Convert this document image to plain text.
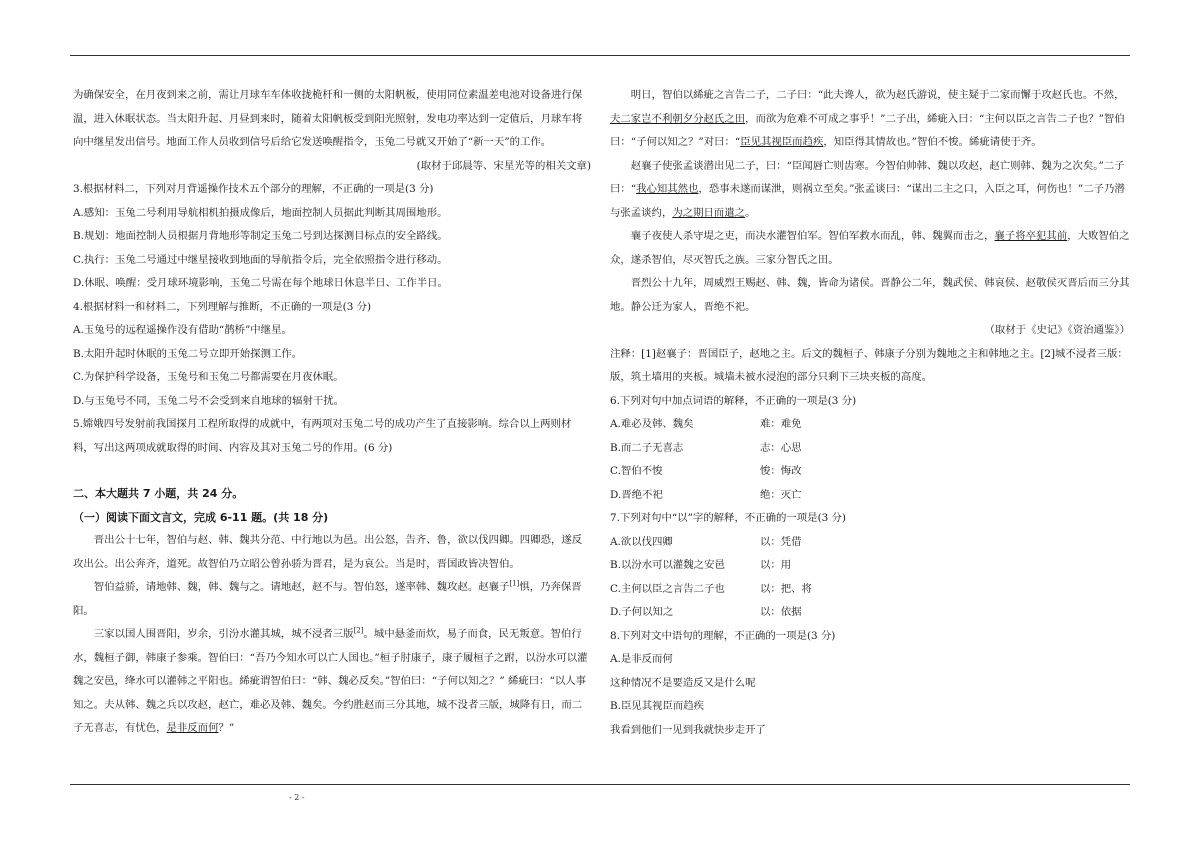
为确保安全，在月夜到来之前，需让月球车车体收拢桅杆和一侧的太阳帆板，使用同位素温差电池对设备进行保温，进入休眠状态。当太阳升起、月昼到来时，随着太阳帆板受到阳光照射，发电功率达到一定值后，月球车将向中继星发出信号。地面工作人员收到信号后给它发送唤醒指令，玉兔二号就又开始了“新一天”的工作。

(取材于邱晨等、宋星光等的相关文章)

3.根据材料二，下列对月背遥操作技术五个部分的理解，不正确的一项是(3 分)

A.感知：玉兔二号利用导航相机拍摄成像后，地面控制人员据此判断其周围地形。

B.规划：地面控制人员根据月背地形等制定玉兔二号到达探测目标点的安全路线。

C.执行：玉兔二号通过中继星接收到地面的导航指令后，完全依照指令进行移动。

D.休眠、唤醒：受月球环境影响，玉兔二号需在每个地球日休息半日、工作半日。

4.根据材料一和材料二，下列理解与推断，不正确的一项是(3 分)

A.玉兔号的远程遥操作没有借助“鹊桥”中继星。

B.太阳升起时休眠的玉兔二号立即开始探测工作。

C.为保护科学设备，玉兔号和玉兔二号都需要在月夜休眠。

D.与玉兔号不同，玉兔二号不会受到来自地球的辐射干扰。

5.嫦娥四号发射前我国探月工程所取得的成就中，有两项对玉兔二号的成功产生了直接影响。综合以上两则材料，写出这两项成就取得的时间、内容及其对玉兔二号的作用。(6 分)

二、本大题共 7 小题，共 24 分。

（一）阅读下面文言文，完成 6-11 题。(共 18 分)

晋出公十七年，智伯与赵、韩、魏共分范、中行地以为邑。出公怒，告齐、鲁，欲以伐四卿。四卿恐，遂反攻出公。出公奔齐，道死。故智伯乃立昭公曾孙骄为晋君，是为哀公。当是时，晋国政皆决智伯。

智伯益骄，请地韩、魏，韩、魏与之。请地赵，赵不与。智伯怒，遂率韩、魏攻赵。赵襄子[1]惧，乃奔保晋阳。

三家以国人围晋阳，岁余，引汾水灌其城，城不浸者三版[2]。城中悬釜而炊，易子而食，民无叛意。智伯行水，魏桓子御，韩康子参乘。智伯曰：“吾乃今知水可以亡人国也。”桓子肘康子，康子履桓子之跗，以汾水可以灌魏之安邑，绛水可以灌韩之平阳也。絺疵谓智伯曰：“韩、魏必反矣。”智伯曰：“子何以知之？” 絺疵曰：“以人事知之。夫从韩、魏之兵以攻赵，赵亡，难必及韩、魏矣。今约胜赵而三分其地，城不没者三版，城降有日，而二子无喜志，有忧色，是非反而何？”

明日，智伯以絺疵之言告二子，二子曰：“此夫谗人，欲为赵氏游说，使主疑于二家而懈于攻赵氏也。不然，夫二家岂不利朝夕分赵氏之田，而欲为危难不可成之事乎！”二子出，絺疵入曰：“主何以臣之言告二子也？”智伯曰：“子何以知之？”对曰：“臣见其视臣而趋疾，知臣得其情故也。”智伯不悛。絺疵请使于齐。

赵襄子使张孟谈潜出见二子，曰：“臣闻唇亡则齿寒。今智伯帅韩、魏以攻赵，赵亡则韩、魏为之次矣。”二子曰：“我心知其然也，恐事未遂而谋泄，则祸立至矣。”张孟谈曰：“谋出二主之口，入臣之耳，何伤也！”二子乃潜与张孟谈约，为之期日而遣之。

襄子夜使人杀守堤之吏，而决水灌智伯军。智伯军救水而乱，韩、魏翼而击之，襄子将卒犯其前，大败智伯之众，遂杀智伯，尽灭智氏之族。三家分智氏之田。

晋烈公十九年，周威烈王赐赵、韩、魏，皆命为诸侯。晋静公二年，魏武侯、韩哀侯、赵敬侯灭晋后而三分其地。静公迁为家人，晋绝不祀。

（取材于《史记》《资治通鉴》）

注释：[1]赵襄子：晋国臣子，赵地之主。后文的魏桓子、韩康子分别为魏地之主和韩地之主。[2]城不浸者三版：版，筑土墙用的夹板。城墙未被水浸泡的部分只剩下三块夹板的高度。

6.下列对句中加点词语的解释，不正确的一项是(3 分)

A.难必及韩、魏矣	难：难免
B.而二子无喜志	志：心思
C.智伯不悛	悛：悔改
D.晋绝不祀	绝：灭亡

7.下列对句中“以”字的解释，不正确的一项是(3 分)

A.欲以伐四卿	以：凭借
B.以汾水可以灌魏之安邑	以：用
C.主何以臣之言告二子也	以：把、将
D.子何以知之	以：依据

8.下列对文中语句的理解，不正确的一项是(3 分)

A.是非反而何

这种情况不是要造反又是什么呢

B.臣见其视臣而趋疾

我看到他们一见到我就快步走开了

- 2 -
